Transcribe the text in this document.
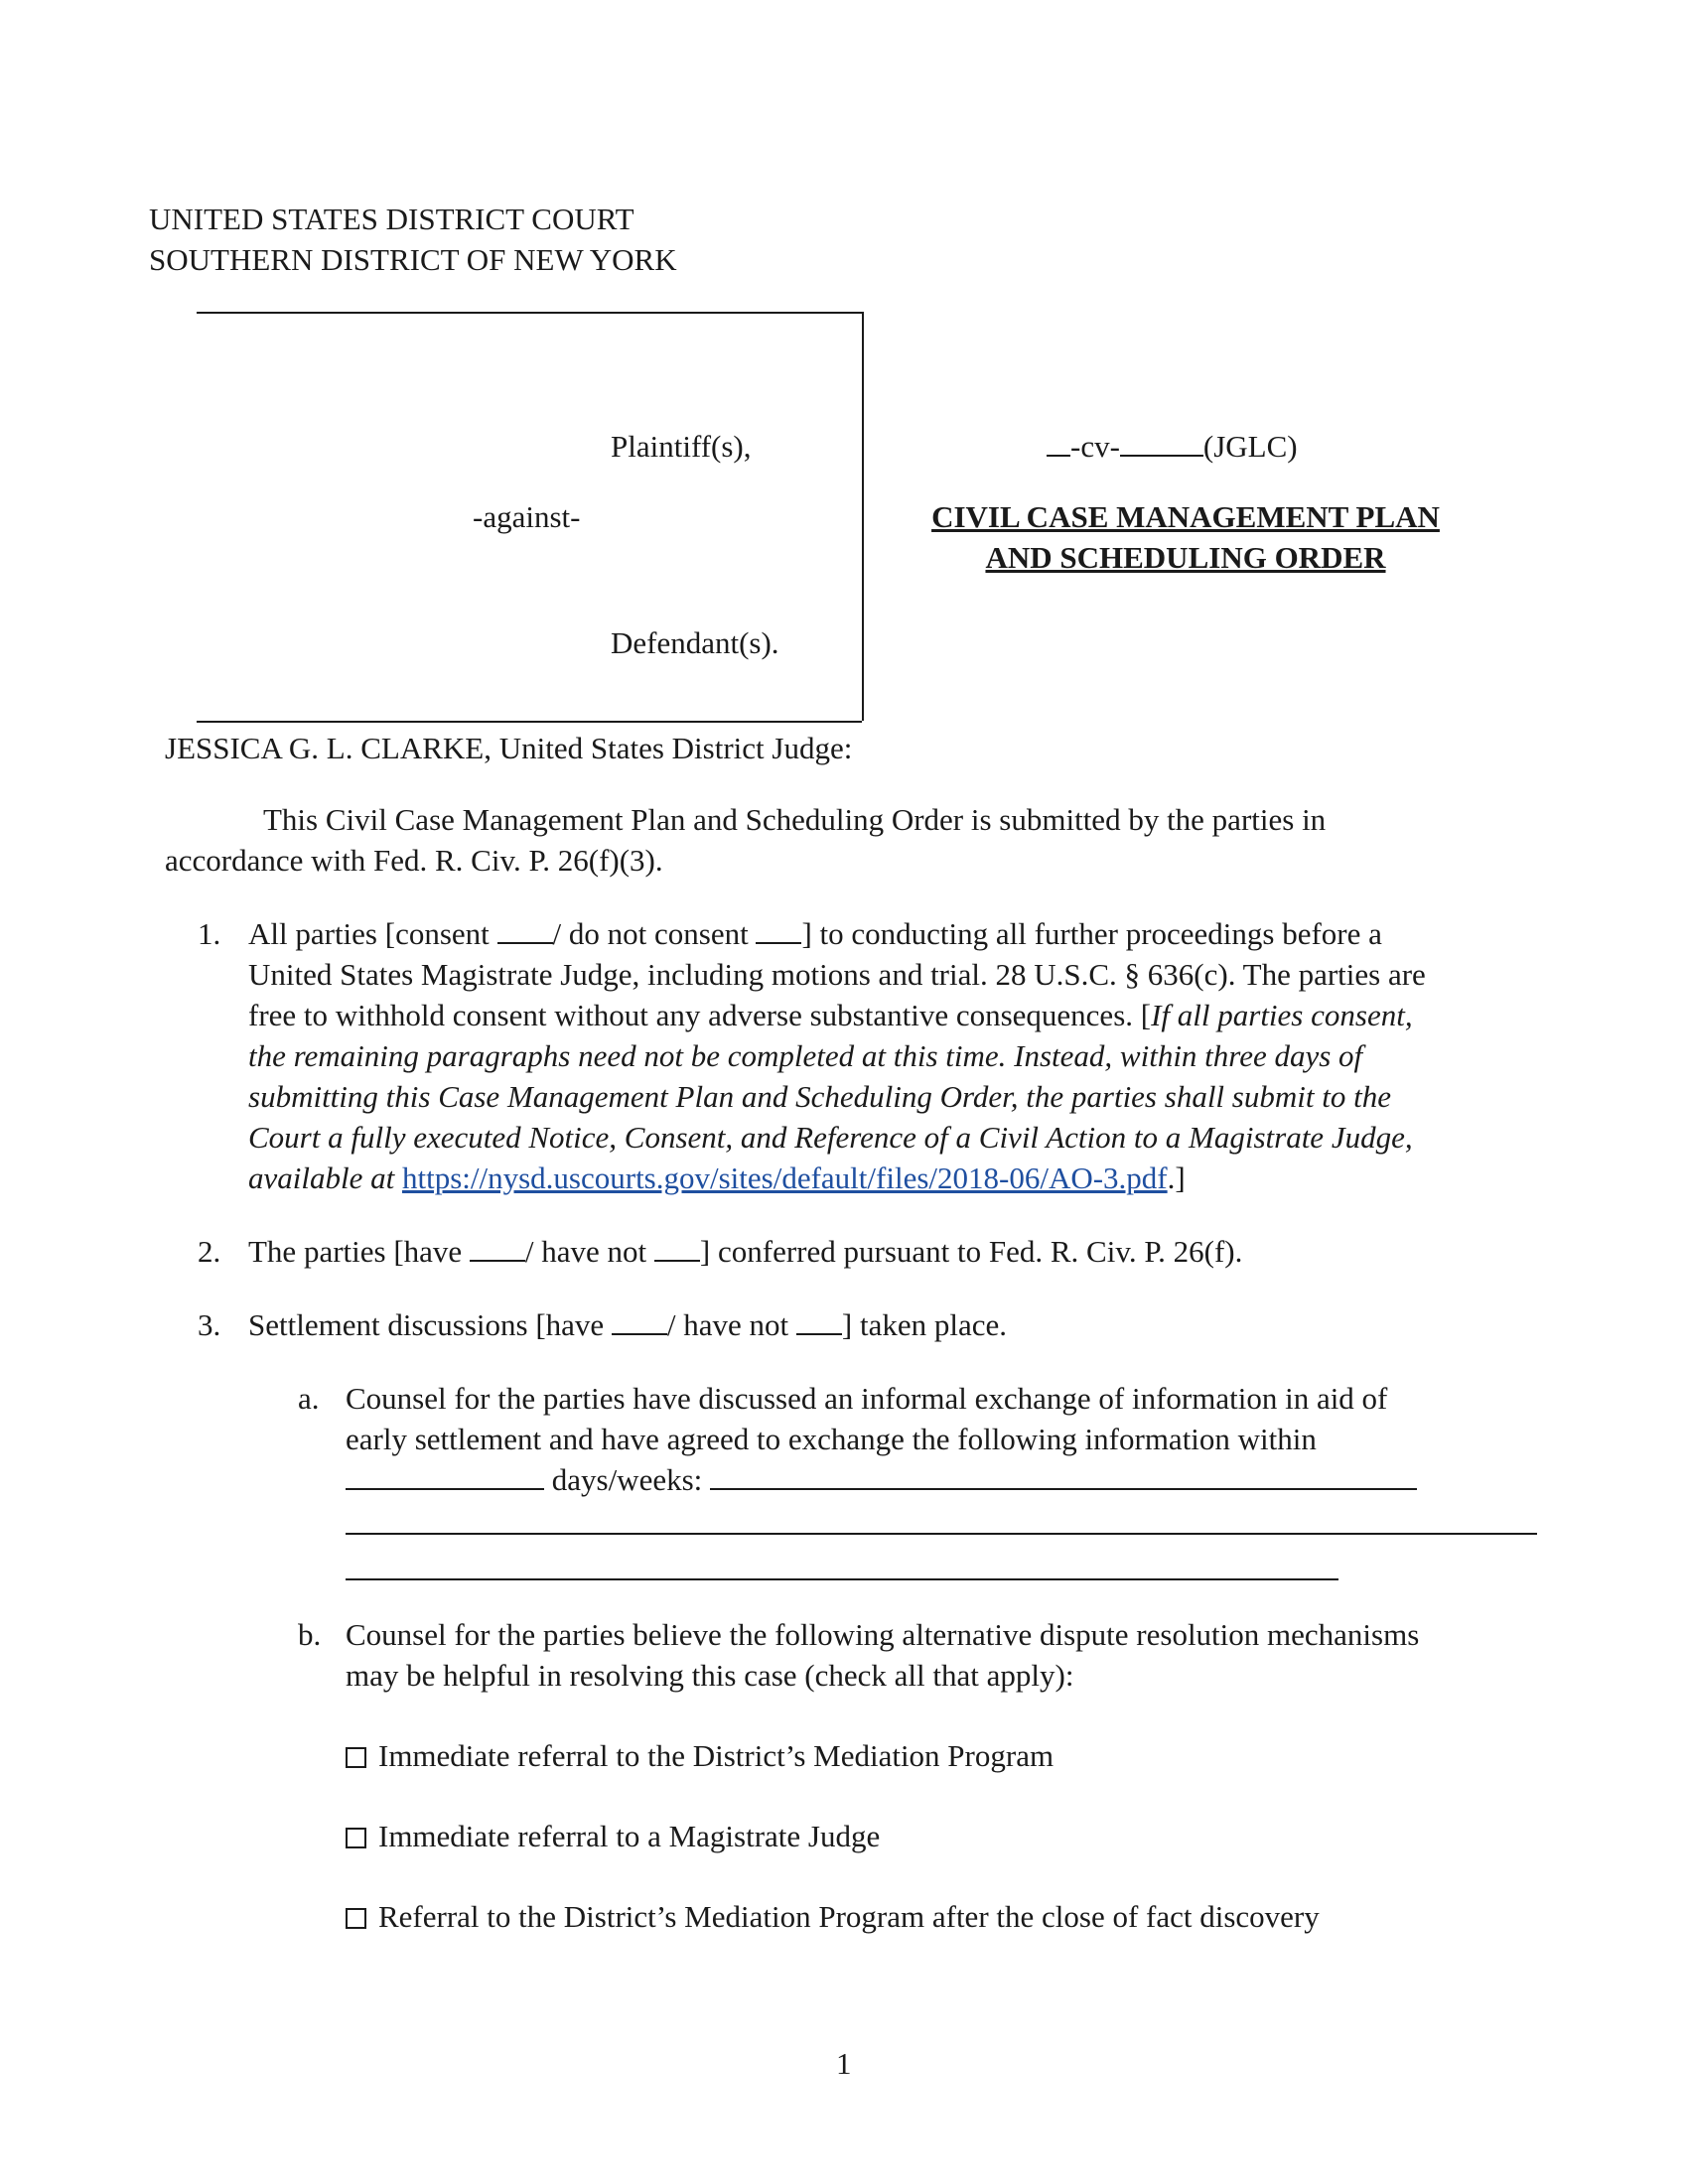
UNITED STATES DISTRICT COURT
SOUTHERN DISTRICT OF NEW YORK
Plaintiff(s),
-against-
Defendant(s).
-cv-	(JGLC)
CIVIL CASE MANAGEMENT PLAN
AND SCHEDULING ORDER
JESSICA G. L. CLARKE, United States District Judge:
This Civil Case Management Plan and Scheduling Order is submitted by the parties in
accordance with Fed. R. Civ. P. 26(f)(3).
1. All parties [consent / do not consent ] to conducting all further proceedings before a
United States Magistrate Judge, including motions and trial. 28 U.S.C. § 636(c). The parties are
free to withhold consent without any adverse substantive consequences. [If all parties consent,
the remaining paragraphs need not be completed at this time. Instead, within three days of
submitting this Case Management Plan and Scheduling Order, the parties shall submit to the
Court a fully executed Notice, Consent, and Reference of a Civil Action to a Magistrate Judge,
available at https://nysd.uscourts.gov/sites/default/files/2018-06/AO-3.pdf.]
2. The parties [have / have not ] conferred pursuant to Fed. R. Civ. P. 26(f).
3. Settlement discussions [have / have not ] taken place.
a. Counsel for the parties have discussed an informal exchange of information in aid of
early settlement and have agreed to exchange the following information within
days/weeks:
b. Counsel for the parties believe the following alternative dispute resolution mechanisms
may be helpful in resolving this case (check all that apply):
Immediate referral to the District’s Mediation Program
Immediate referral to a Magistrate Judge
Referral to the District’s Mediation Program after the close of fact discovery
1
